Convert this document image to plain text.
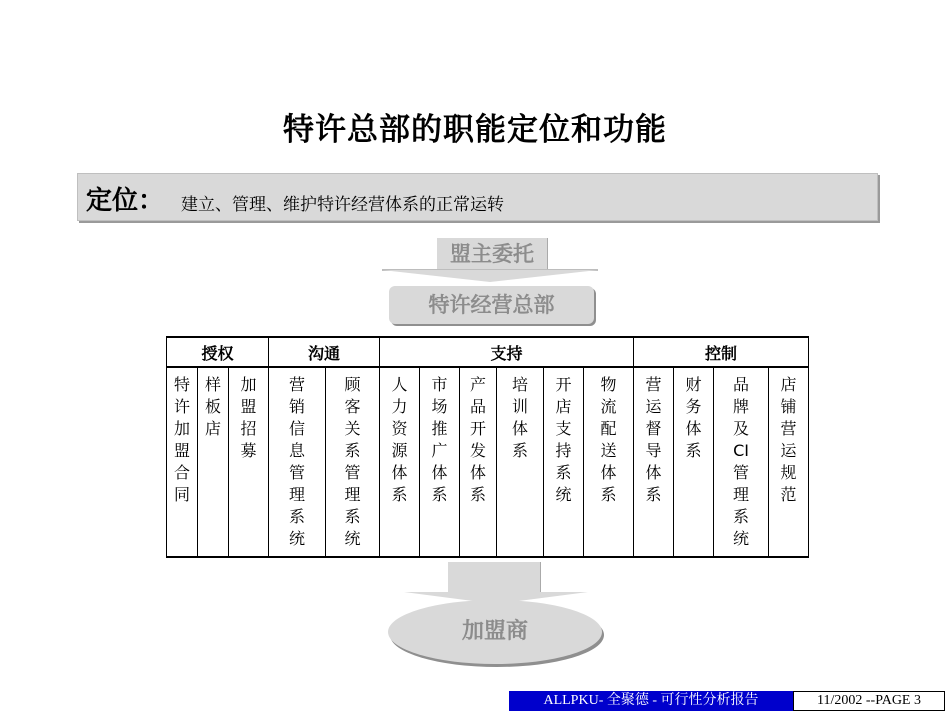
特许总部的职能定位和功能
定位： 建立、管理、维护特许经营体系的正常运转
盟主委托
特许经营总部
授权			沟通		支持						控制			
特许加盟合同	样板店	加盟招募	营销信息管理系统	顾客关系管理系统	人力资源体系	市场推广体系	产品开发体系	培训体系	开店支持系统	物流配送体系	营运督导体系	财务体系	品牌及CI管理系统	店铺营运规范
加盟商
ALLPKU- 全聚德 - 可行性分析报告	11/2002 --PAGE 3
